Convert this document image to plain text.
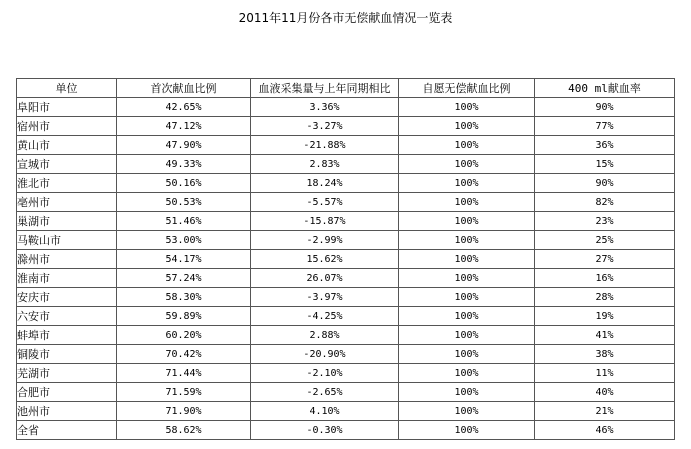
2011年11月份各市无偿献血情况一览表
单位	首次献血比例	血液采集量与上年同期相比	自愿无偿献血比例	400 ml献血率
阜阳市	42.65%	3.36%	100%	90%
宿州市	47.12%	-3.27%	100%	77%
黄山市	47.90%	-21.88%	100%	36%
宣城市	49.33%	2.83%	100%	15%
淮北市	50.16%	18.24%	100%	90%
亳州市	50.53%	-5.57%	100%	82%
巢湖市	51.46%	-15.87%	100%	23%
马鞍山市	53.00%	-2.99%	100%	25%
滁州市	54.17%	15.62%	100%	27%
淮南市	57.24%	26.07%	100%	16%
安庆市	58.30%	-3.97%	100%	28%
六安市	59.89%	-4.25%	100%	19%
蚌埠市	60.20%	2.88%	100%	41%
铜陵市	70.42%	-20.90%	100%	38%
芜湖市	71.44%	-2.10%	100%	11%
合肥市	71.59%	-2.65%	100%	40%
池州市	71.90%	4.10%	100%	21%
全省	58.62%	-0.30%	100%	46%
